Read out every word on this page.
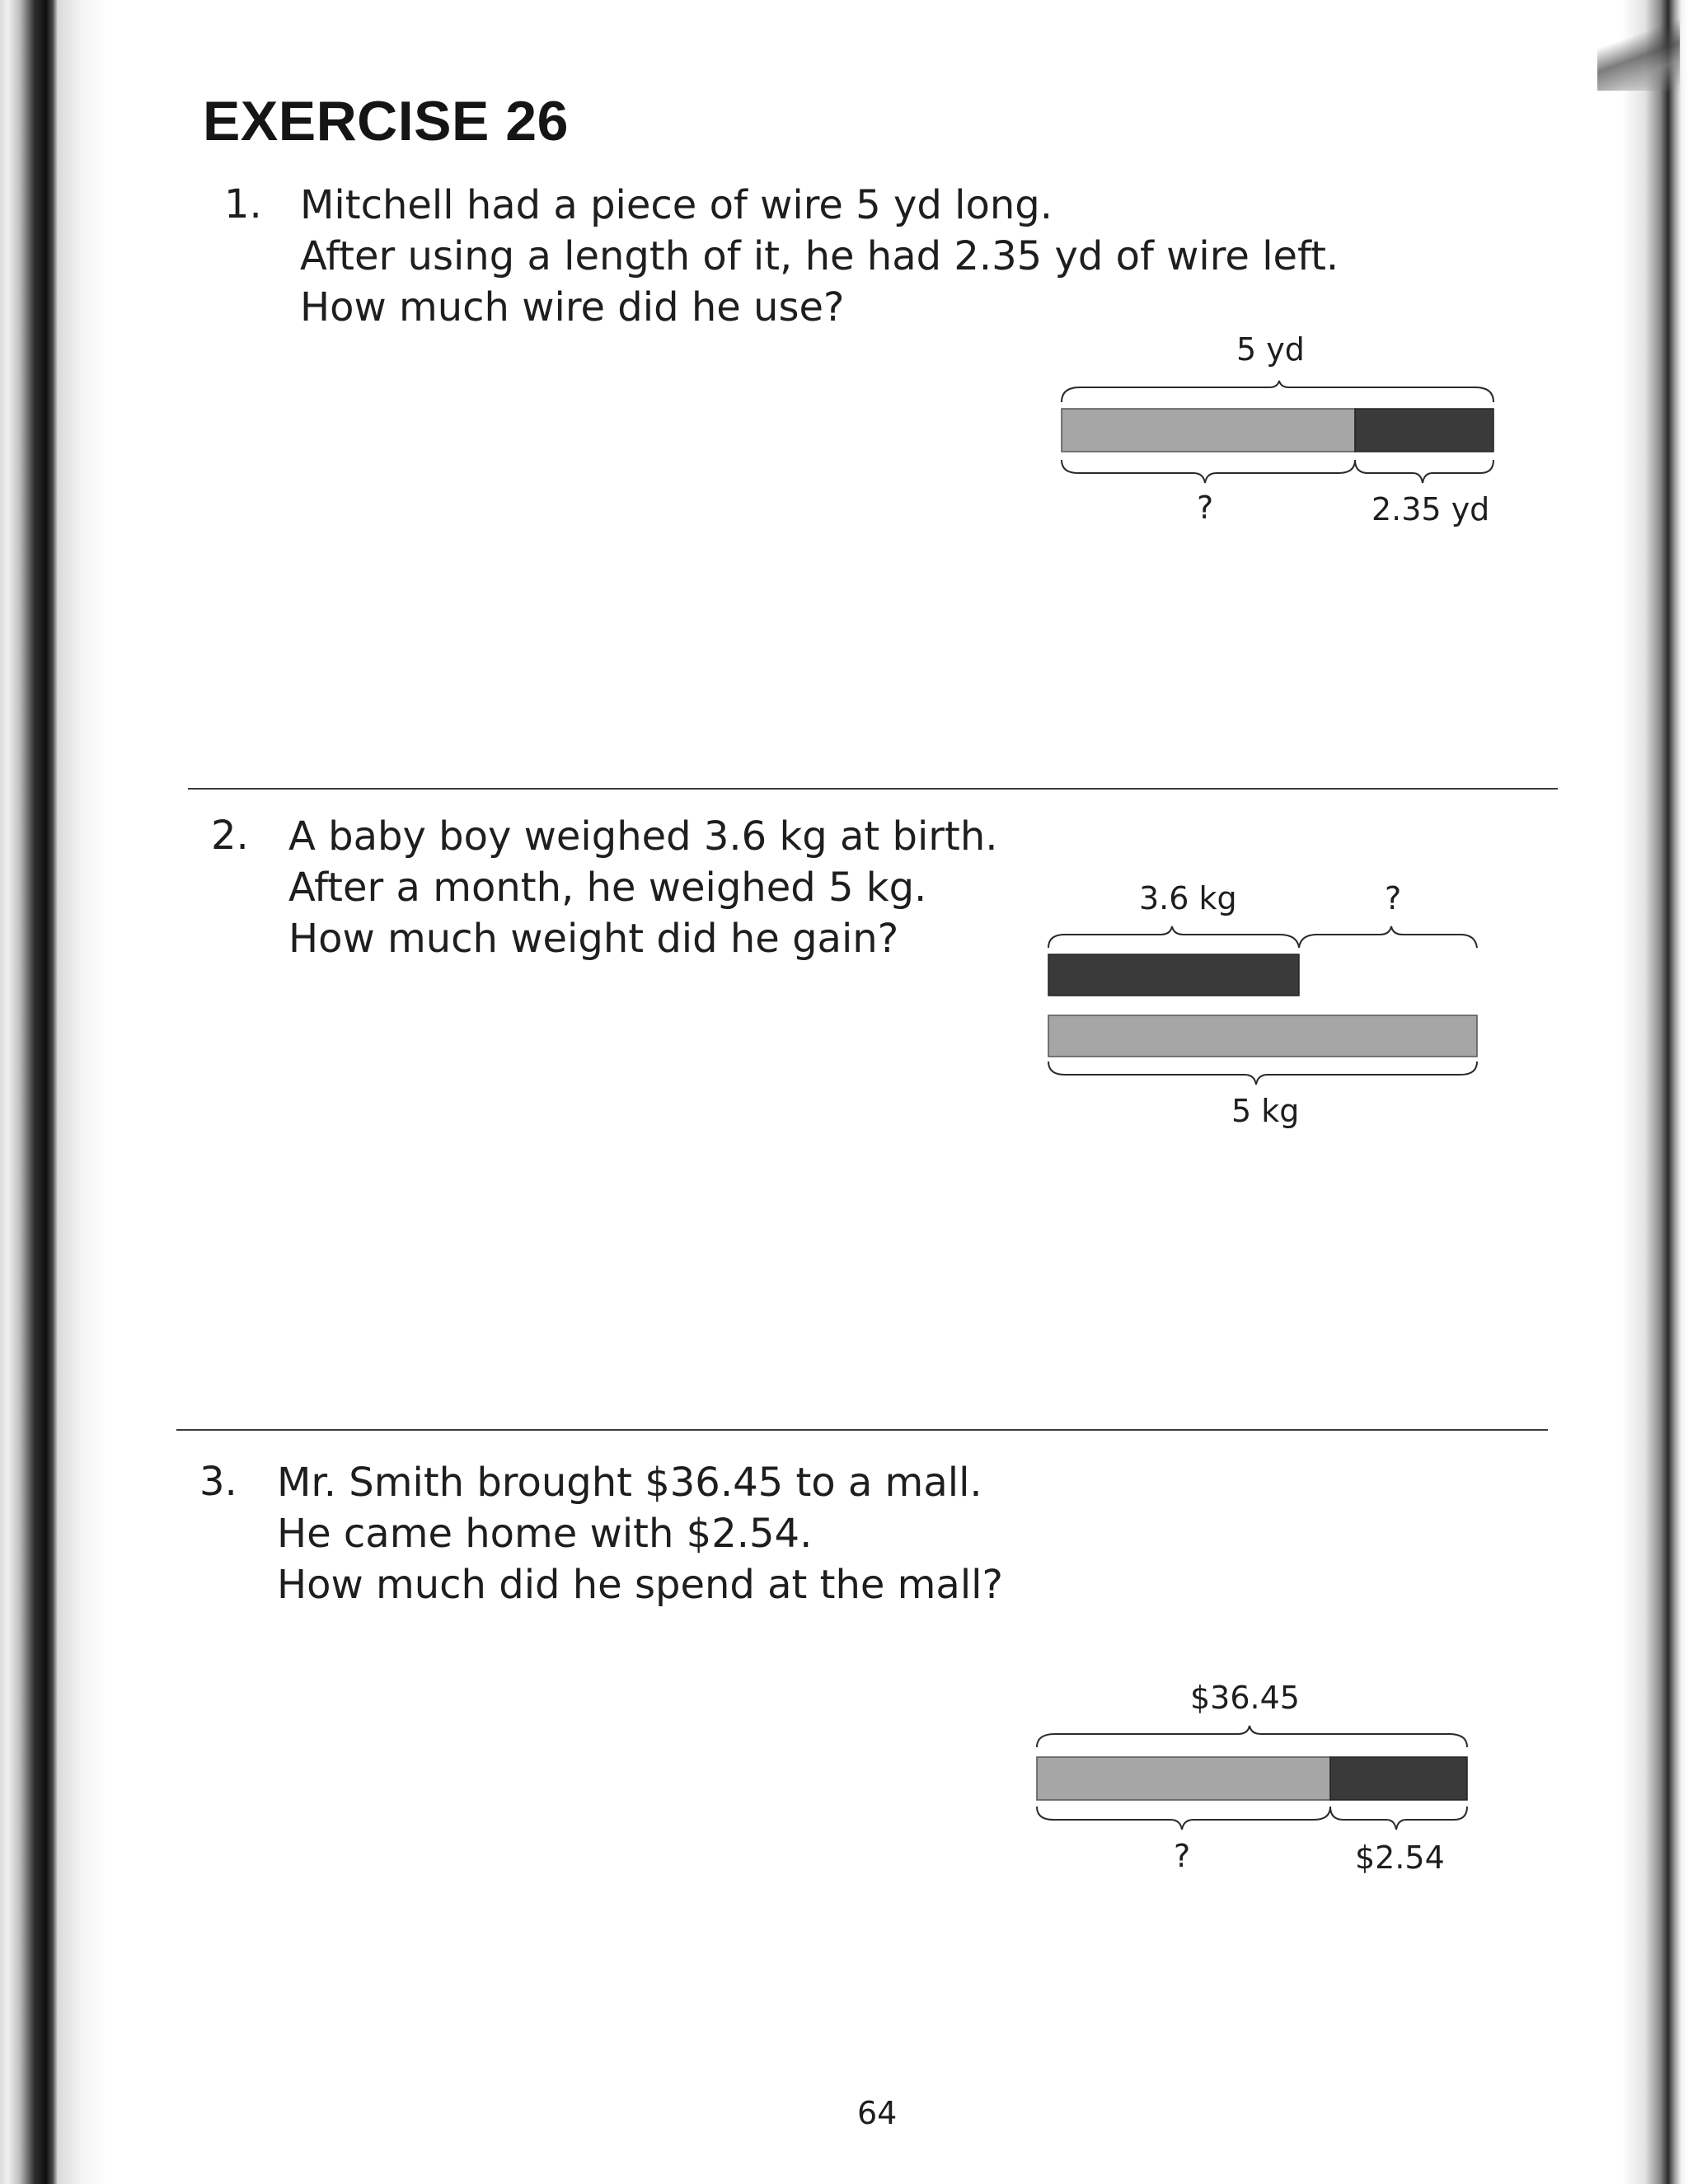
EXERCISE 26
1. Mitchell had a piece of wire 5 yd long.
After using a length of it, he had 2.35 yd of wire left.
How much wire did he use?
5 yd
?	2.35 yd
2. A baby boy weighed 3.6 kg at birth.
After a month, he weighed 5 kg.
How much weight did he gain?
3.6 kg	?
5 kg
3. Mr. Smith brought $36.45 to a mall.
He came home with $2.54.
How much did he spend at the mall?
$36.45
?	$2.54
64
